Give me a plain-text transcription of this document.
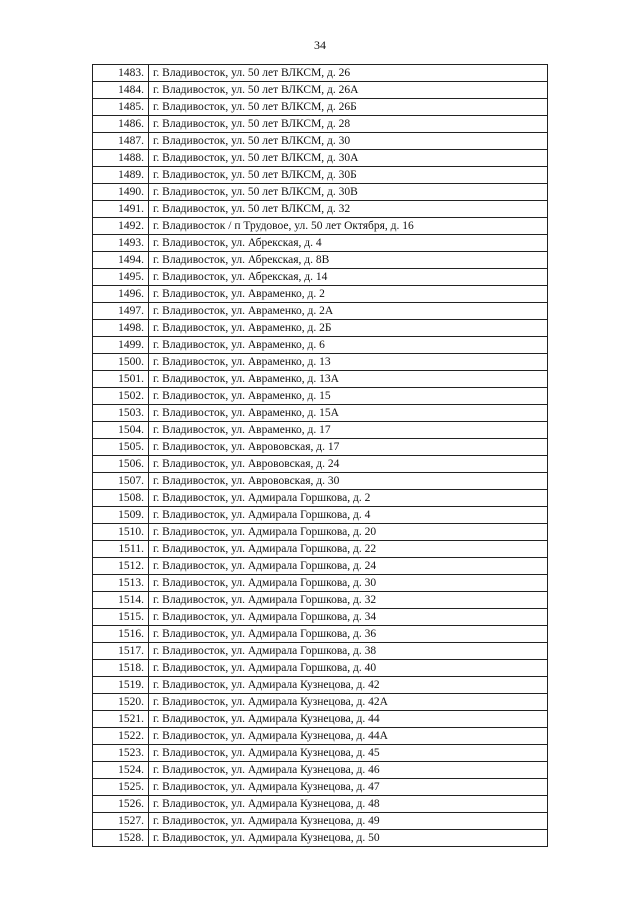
34
1483.	г. Владивосток, ул. 50 лет ВЛКСМ, д. 26
1484.	г. Владивосток, ул. 50 лет ВЛКСМ, д. 26А
1485.	г. Владивосток, ул. 50 лет ВЛКСМ, д. 26Б
1486.	г. Владивосток, ул. 50 лет ВЛКСМ, д. 28
1487.	г. Владивосток, ул. 50 лет ВЛКСМ, д. 30
1488.	г. Владивосток, ул. 50 лет ВЛКСМ, д. 30А
1489.	г. Владивосток, ул. 50 лет ВЛКСМ, д. 30Б
1490.	г. Владивосток, ул. 50 лет ВЛКСМ, д. 30В
1491.	г. Владивосток, ул. 50 лет ВЛКСМ, д. 32
1492.	г. Владивосток / п Трудовое, ул. 50 лет Октября, д. 16
1493.	г. Владивосток, ул. Абрекская, д. 4
1494.	г. Владивосток, ул. Абрекская, д. 8В
1495.	г. Владивосток, ул. Абрекская, д. 14
1496.	г. Владивосток, ул. Авраменко, д. 2
1497.	г. Владивосток, ул. Авраменко, д. 2А
1498.	г. Владивосток, ул. Авраменко, д. 2Б
1499.	г. Владивосток, ул. Авраменко, д. 6
1500.	г. Владивосток, ул. Авраменко, д. 13
1501.	г. Владивосток, ул. Авраменко, д. 13А
1502.	г. Владивосток, ул. Авраменко, д. 15
1503.	г. Владивосток, ул. Авраменко, д. 15А
1504.	г. Владивосток, ул. Авраменко, д. 17
1505.	г. Владивосток, ул. Аврововская, д. 17
1506.	г. Владивосток, ул. Аврововская, д. 24
1507.	г. Владивосток, ул. Аврововская, д. 30
1508.	г. Владивосток, ул. Адмирала Горшкова, д. 2
1509.	г. Владивосток, ул. Адмирала Горшкова, д. 4
1510.	г. Владивосток, ул. Адмирала Горшкова, д. 20
1511.	г. Владивосток, ул. Адмирала Горшкова, д. 22
1512.	г. Владивосток, ул. Адмирала Горшкова, д. 24
1513.	г. Владивосток, ул. Адмирала Горшкова, д. 30
1514.	г. Владивосток, ул. Адмирала Горшкова, д. 32
1515.	г. Владивосток, ул. Адмирала Горшкова, д. 34
1516.	г. Владивосток, ул. Адмирала Горшкова, д. 36
1517.	г. Владивосток, ул. Адмирала Горшкова, д. 38
1518.	г. Владивосток, ул. Адмирала Горшкова, д. 40
1519.	г. Владивосток, ул. Адмирала Кузнецова, д. 42
1520.	г. Владивосток, ул. Адмирала Кузнецова, д. 42А
1521.	г. Владивосток, ул. Адмирала Кузнецова, д. 44
1522.	г. Владивосток, ул. Адмирала Кузнецова, д. 44А
1523.	г. Владивосток, ул. Адмирала Кузнецова, д. 45
1524.	г. Владивосток, ул. Адмирала Кузнецова, д. 46
1525.	г. Владивосток, ул. Адмирала Кузнецова, д. 47
1526.	г. Владивосток, ул. Адмирала Кузнецова, д. 48
1527.	г. Владивосток, ул. Адмирала Кузнецова, д. 49
1528.	г. Владивосток, ул. Адмирала Кузнецова, д. 50
